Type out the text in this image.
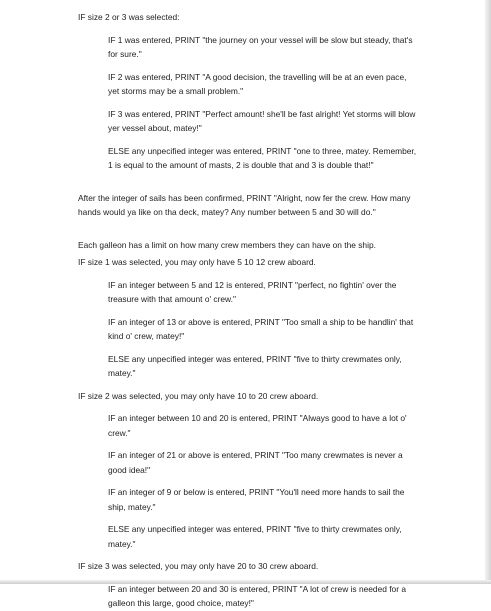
IF size 2 or 3 was selected:

IF 1 was entered, PRINT "the journey on your vessel will be slow but steady, that's for sure."

IF 2 was entered, PRINT "A good decision, the travelling will be at an even pace, yet storms may be a small problem."

IF 3 was entered, PRINT "Perfect amount! she'll be fast alright! Yet storms will blow yer vessel about, matey!"

ELSE any unpecified integer was entered, PRINT "one to three, matey. Remember, 1 is equal to the amount of masts, 2 is double that and 3 is double that!"

After the integer of sails has been confirmed, PRINT "Alright, now fer the crew. How many hands would ya like on tha deck, matey? Any number between 5 and 30 will do."

Each galleon has a limit on how many crew members they can have on the ship.

IF size 1 was selected, you may only have 5 10 12 crew aboard.

IF an integer between 5 and 12 is entered, PRINT "perfect, no fightin' over the treasure with that amount o' crew."

IF an integer of 13 or above is entered, PRINT "Too small a ship to be handlin' that kind o' crew, matey!"

ELSE any unpecified integer was entered, PRINT "five to thirty crewmates only, matey."

IF size 2 was selected, you may only have 10 to 20 crew aboard.

IF an integer between 10 and 20 is entered, PRINT "Always good to have a lot o' crew."

IF an integer of 21 or above is entered, PRINT "Too many crewmates is never a good idea!"

IF an integer of 9 or below is entered, PRINT "You'll need more hands to sail the ship, matey."

ELSE any unpecified integer was entered, PRINT "five to thirty crewmates only, matey."

IF size 3 was selected, you may only have 20 to 30 crew aboard.

IF an integer between 20 and 30 is entered, PRINT "A lot of crew is needed for a galleon this large, good choice, matey!"
